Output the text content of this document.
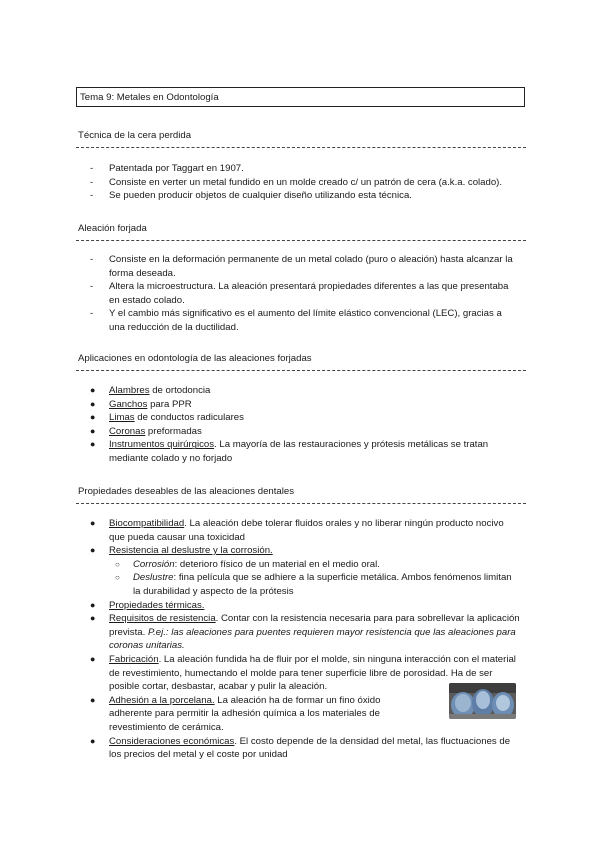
Tema 9: Metales en Odontología
Técnica de la cera perdida
- Patentada por Taggart en 1907.
- Consiste en verter un metal fundido en un molde creado c/ un patrón de cera (a.k.a. colado).
- Se pueden producir objetos de cualquier diseño utilizando esta técnica.
Aleación forjada
- Consiste en la deformación permanente de un metal colado (puro o aleación) hasta alcanzar la forma deseada.
- Altera la microestructura. La aleación presentará propiedades diferentes a las que presentaba en estado colado.
- Y el cambio más significativo es el aumento del límite elástico convencional (LEC), gracias a una reducción de la ductilidad.
Aplicaciones en odontología de las aleaciones forjadas
● Alambres de ortodoncia
● Ganchos para PPR
● Limas de conductos radiculares
● Coronas preformadas
● Instrumentos quirúrgicos. La mayoría de las restauraciones y prótesis metálicas se tratan mediante colado y no forjado
Propiedades deseables de las aleaciones dentales
● Biocompatibilidad. La aleación debe tolerar fluidos orales y no liberar ningún producto nocivo que pueda causar una toxicidad
● Resistencia al deslustre y la corrosión.
○ Corrosión: deterioro físico de un material en el medio oral.
○ Deslustre: fina película que se adhiere a la superficie metálica. Ambos fenómenos limitan la durabilidad y aspecto de la prótesis
● Propiedades térmicas.
● Requisitos de resistencia. Contar con la resistencia necesaria para para sobrellevar la aplicación prevista. P.ej.: las aleaciones para puentes requieren mayor resistencia que las aleaciones para coronas unitarias.
● Fabricación. La aleación fundida ha de fluir por el molde, sin ninguna interacción con el material de revestimiento, humectando el molde para tener superficie libre de porosidad. Ha de ser posible cortar, desbastar, acabar y pulir la aleación.
● Adhesión a la porcelana. La aleación ha de formar un fino óxido adherente para permitir la adhesión química a los materiales de revestimiento de cerámica.
● Consideraciones económicas. El costo depende de la densidad del metal, las fluctuaciones de los precios del metal y el coste por unidad
